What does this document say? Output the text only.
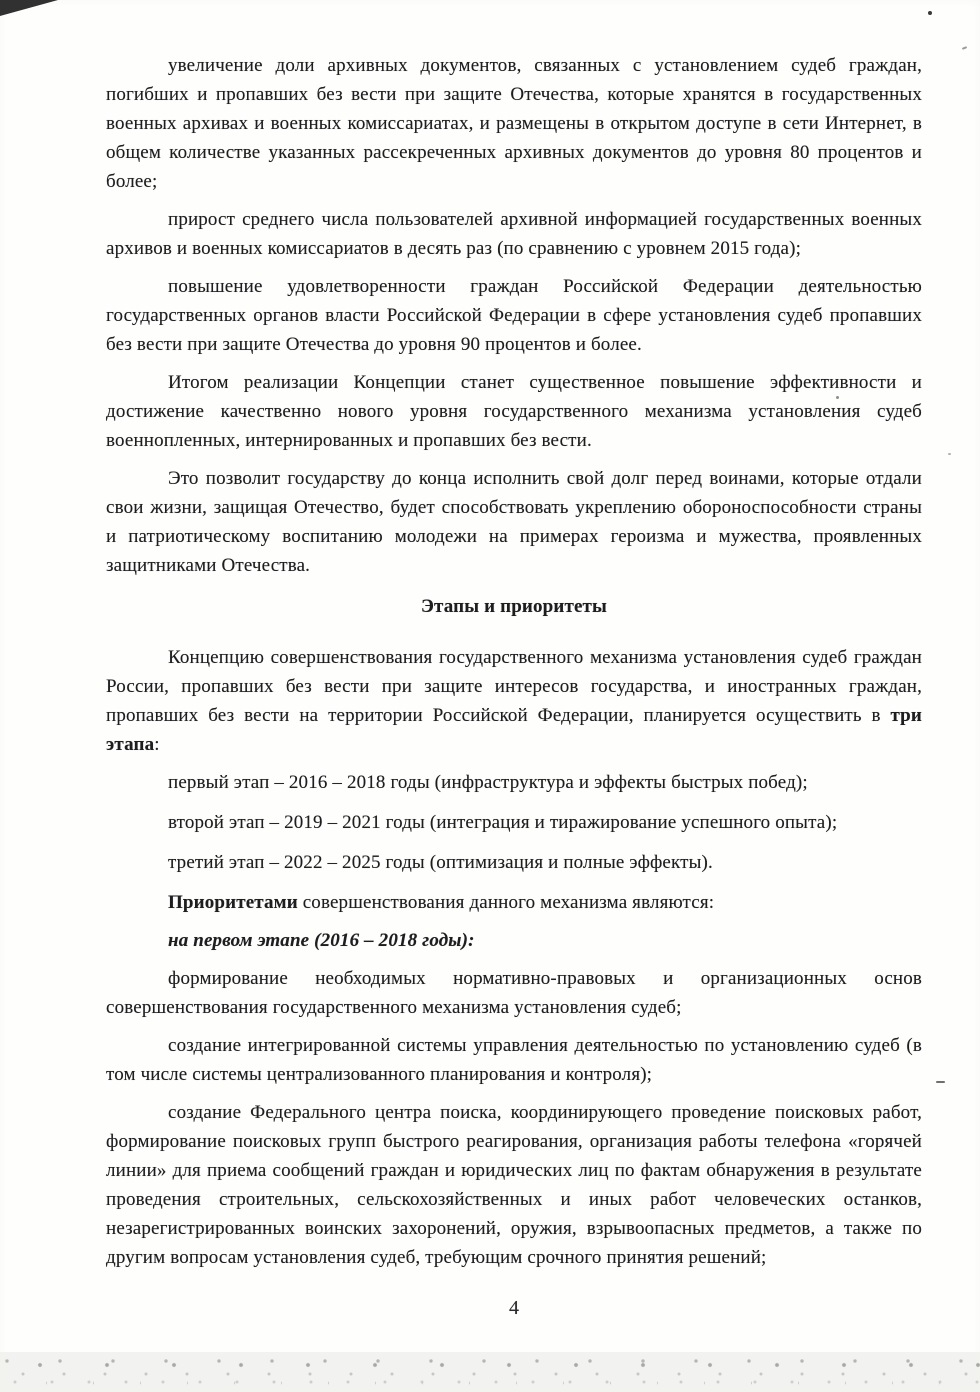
увеличение доли архивных документов, связанных с установлением судеб граждан, погибших и пропавших без вести при защите Отечества, которые хранятся в государственных военных архивах и военных комиссариатах, и размещены в открытом доступе в сети Интернет, в общем количестве указанных рассекреченных архивных документов до уровня 80 процентов и более;

прирост среднего числа пользователей архивной информацией государственных военных архивов и военных комиссариатов в десять раз (по сравнению с уровнем 2015 года);

повышение удовлетворенности граждан Российской Федерации деятельностью государственных органов власти Российской Федерации в сфере установления судеб пропавших без вести при защите Отечества до уровня 90 процентов и более.

Итогом реализации Концепции станет существенное повышение эффективности и достижение качественно нового уровня государственного механизма установления судеб военнопленных, интернированных и пропавших без вести.

Это позволит государству до конца исполнить свой долг перед воинами, которые отдали свои жизни, защищая Отечество, будет способствовать укреплению обороноспособности страны и патриотическому воспитанию молодежи на примерах героизма и мужества, проявленных защитниками Отечества.

Этапы и приоритеты

Концепцию совершенствования государственного механизма установления судеб граждан России, пропавших без вести при защите интересов государства, и иностранных граждан, пропавших без вести на территории Российской Федерации, планируется осуществить в три этапа:

первый этап – 2016 – 2018 годы (инфраструктура и эффекты быстрых побед);

второй этап – 2019 – 2021 годы (интеграция и тиражирование успешного опыта);

третий этап – 2022 – 2025 годы (оптимизация и полные эффекты).

Приоритетами совершенствования данного механизма являются:

на первом этапе (2016 – 2018 годы):

формирование необходимых нормативно-правовых и организационных основ совершенствования государственного механизма установления судеб;

создание интегрированной системы управления деятельностью по установлению судеб (в том числе системы централизованного планирования и контроля);

создание Федерального центра поиска, координирующего проведение поисковых работ, формирование поисковых групп быстрого реагирования, организация работы телефона «горячей линии» для приема сообщений граждан и юридических лиц по фактам обнаружения в результате проведения строительных, сельскохозяйственных и иных работ человеческих останков, незарегистрированных воинских захоронений, оружия, взрывоопасных предметов, а также по другим вопросам установления судеб, требующим срочного принятия решений;

4
